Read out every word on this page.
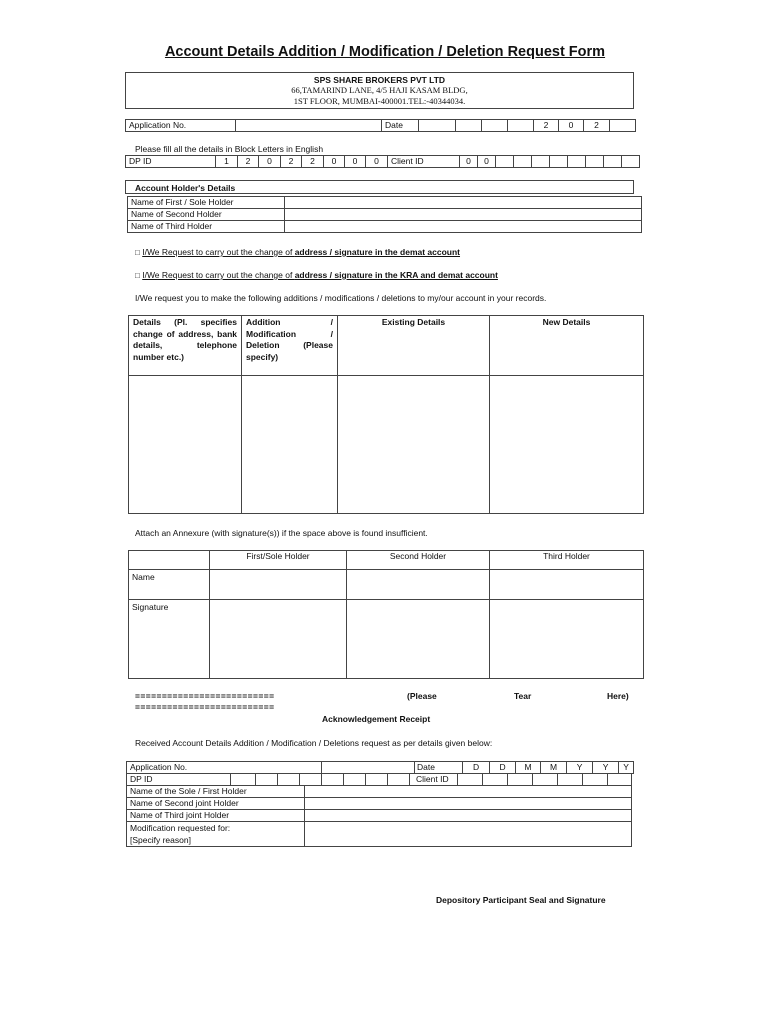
Account Details Addition / Modification / Deletion Request Form
SPS SHARE BROKERS PVT LTD
66,TAMARIND LANE, 4/5 HAJI KASAM BLDG,
1ST FLOOR, MUMBAI-400001.TEL:-40344034.
Application No.		Date					2	0	2	
Please fill all the details in Block Letters in English
DP ID	1	2	0	2	2	0	0	0	Client ID	0	0								
Account Holder's Details
Name of First / Sole Holder	
Name of Second Holder	
Name of Third Holder	
□ I/We Request to carry out the change of address / signature in the demat account
□ I/We Request to carry out the change of address / signature in the KRA and demat account
I/We request you to make the following additions / modifications / deletions to my/our account in your records.
Details (Pl. specifies change of address, bank details, telephone number etc.)	Addition / Modification / Deletion (Please specify)	Existing Details	New Details

Attach an Annexure (with signature(s)) if the space above is found insufficient.
	First/Sole Holder	Second Holder	Third Holder
Name			
Signature			
==========================
==========================
(Please	Tear	Here)
Acknowledgement Receipt
Received Account Details Addition / Modification / Deletions request as per details given below:
Application No.		Date	D	D	M	M	Y	Y	Y
DP ID									Client ID							
Name of the Sole / First Holder	
Name of Second joint Holder	
Name of Third joint Holder	

Modification requested for:
[Specify reason]	

Depository Participant Seal and Signature
